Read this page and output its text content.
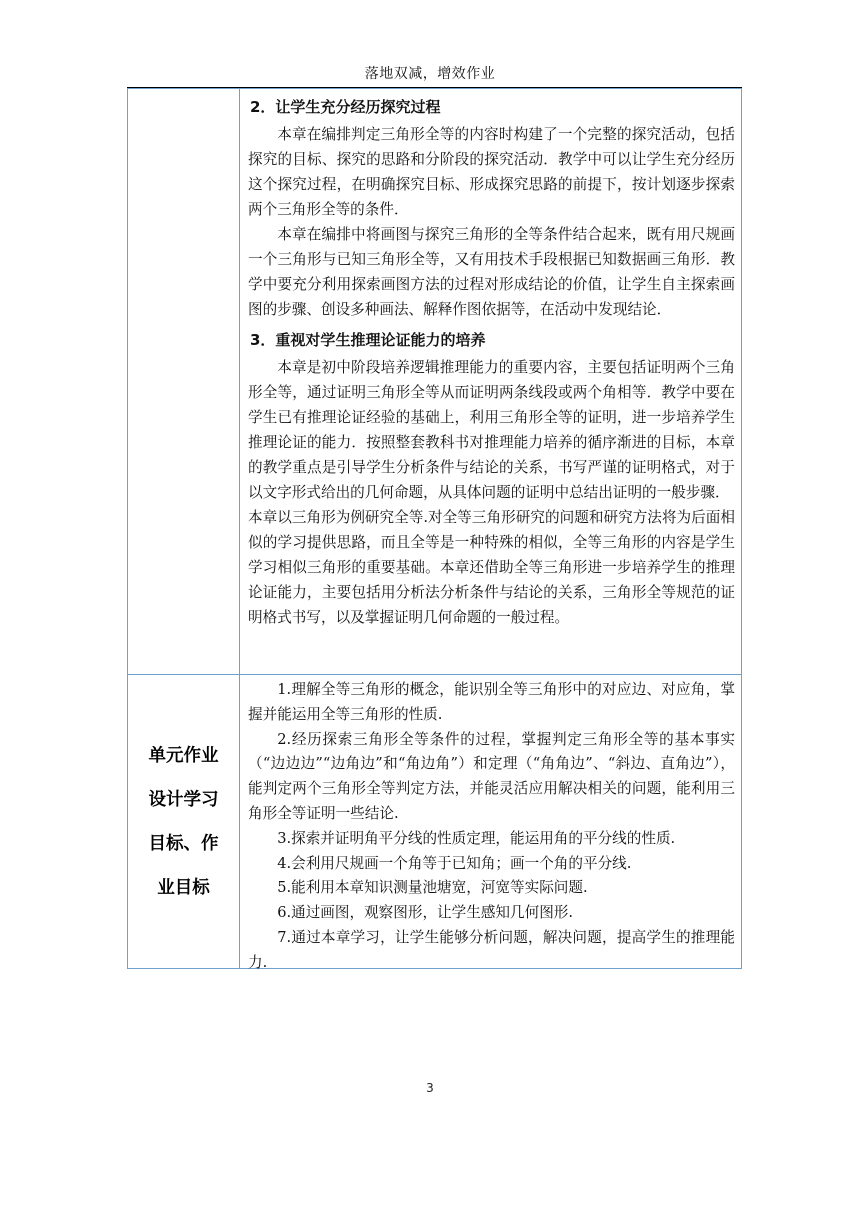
落地双减，增效作业

2．让学生充分经历探究过程

本章在编排判定三角形全等的内容时构建了一个完整的探究活动，包括探究的目标、探究的思路和分阶段的探究活动．教学中可以让学生充分经历这个探究过程，在明确探究目标、形成探究思路的前提下，按计划逐步探索两个三角形全等的条件．

本章在编排中将画图与探究三角形的全等条件结合起来，既有用尺规画一个三角形与已知三角形全等，又有用技术手段根据已知数据画三角形．教学中要充分利用探索画图方法的过程对形成结论的价值，让学生自主探索画图的步骤、创设多种画法、解释作图依据等，在活动中发现结论．

3．重视对学生推理论证能力的培养

本章是初中阶段培养逻辑推理能力的重要内容，主要包括证明两个三角形全等，通过证明三角形全等从而证明两条线段或两个角相等．教学中要在学生已有推理论证经验的基础上，利用三角形全等的证明，进一步培养学生推理论证的能力．按照整套教科书对推理能力培养的循序渐进的目标，本章的教学重点是引导学生分析条件与结论的关系，书写严谨的证明格式，对于以文字形式给出的几何命题，从具体问题的证明中总结出证明的一般步骤．

本章以三角形为例研究全等.对全等三角形研究的问题和研究方法将为后面相似的学习提供思路，而且全等是一种特殊的相似，全等三角形的内容是学生学习相似三角形的重要基础。本章还借助全等三角形进一步培养学生的推理论证能力，主要包括用分析法分析条件与结论的关系，三角形全等规范的证明格式书写，以及掌握证明几何命题的一般过程。

单元作业
设计学习
目标、作
业目标

1.理解全等三角形的概念，能识别全等三角形中的对应边、对应角，掌握并能运用全等三角形的性质.

2.经历探索三角形全等条件的过程，掌握判定三角形全等的基本事实（“边边边”“边角边”和“角边角”）和定理（“角角边”、“斜边、直角边”），能判定两个三角形全等判定方法，并能灵活应用解决相关的问题，能利用三角形全等证明一些结论.

3.探索并证明角平分线的性质定理，能运用角的平分线的性质.

4.会利用尺规画一个角等于已知角；画一个角的平分线.

5.能利用本章知识测量池塘宽，河宽等实际问题.

6.通过画图，观察图形，让学生感知几何图形.

7.通过本章学习，让学生能够分析问题，解决问题，提高学生的推理能力.

3
